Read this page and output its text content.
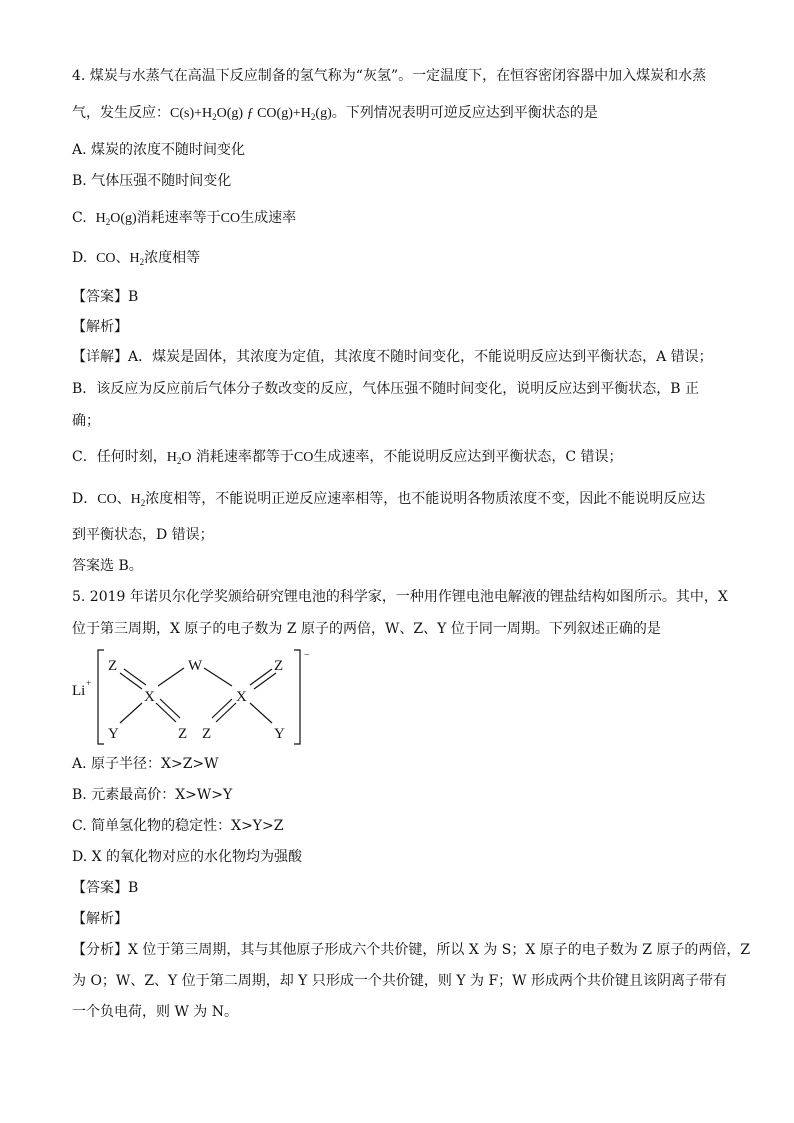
4. 煤炭与水蒸气在高温下反应制备的氢气称为“灰氢”。一定温度下，在恒容密闭容器中加入煤炭和水蒸
气，发生反应：$C(s)+H_2O(g)$ ƒ $CO(g)+H_2(g)$。下列情况表明可逆反应达到平衡状态的是
A. 煤炭的浓度不随时间变化
B. 气体压强不随时间变化
C. $H_2O(g)$消耗速率等于CO生成速率
D. CO、$H_2$浓度相等
【答案】B
【解析】
【详解】A．煤炭是固体，其浓度为定值，其浓度不随时间变化，不能说明反应达到平衡状态，A 错误；
B．该反应为反应前后气体分子数改变的反应，气体压强不随时间变化，说明反应达到平衡状态，B 正
确；
C．任何时刻，$H_2O$ 消耗速率都等于CO生成速率，不能说明反应达到平衡状态，C 错误；
D．CO、$H_2$浓度相等，不能说明正逆反应速率相等，也不能说明各物质浓度不变，因此不能说明反应达
到平衡状态，D 错误；
答案选 B。
5. 2019 年诺贝尔化学奖颁给研究锂电池的科学家，一种用作锂电池电解液的锂盐结构如图所示。其中，X
位于第三周期，X 原子的电子数为 Z 原子的两倍，W、Z、Y 位于同一周期。下列叙述正确的是
Li +
−
Z	W	Z
X	X
Y	Z Z	Y
A. 原子半径：X>Z>W
B. 元素最高价：X>W>Y
C. 简单氢化物的稳定性：X>Y>Z
D. X 的氧化物对应的水化物均为强酸
【答案】B
【解析】
【分析】X 位于第三周期，其与其他原子形成六个共价键，所以 X 为 S；X 原子的电子数为 Z 原子的两倍，Z
为 O；W、Z、Y 位于第二周期，却 Y 只形成一个共价键，则 Y 为 F；W 形成两个共价键且该阴离子带有
一个负电荷，则 W 为 N。
